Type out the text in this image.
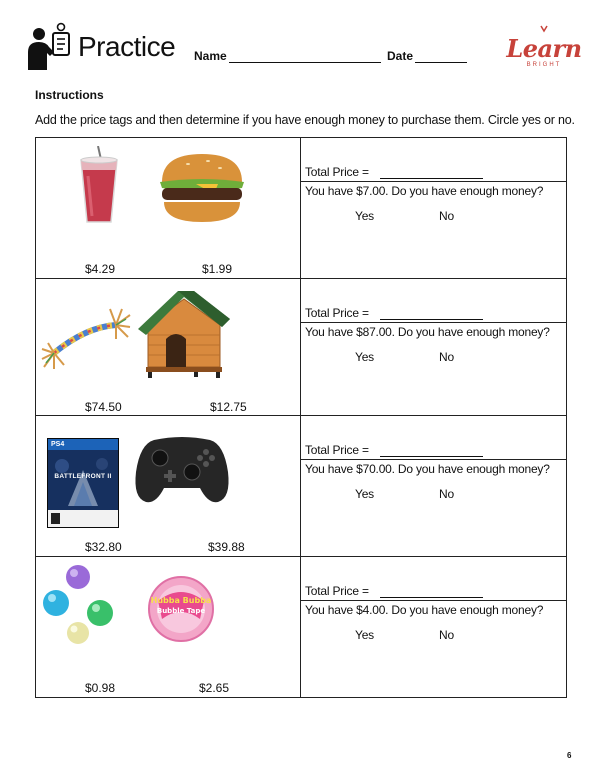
Practice Name	Date	Learn
BRIGHT
Instructions
Add the price tags and then determine if you have enough money to purchase them. Circle yes or no.
$4.29	$1.99
Total Price =
You have $7.00. Do you have enough money?
Yes	No
$74.50	$12.75
Total Price =
You have $87.00. Do you have enough money?
Yes	No
PS4
BATTLEFRONT II
$32.80	$39.88
Total Price =
You have $70.00. Do you have enough money?
Yes	No
Hubba Bubba
Bubble Tape
$0.98	$2.65
Total Price =
You have $4.00. Do you have enough money?
Yes	No
6
